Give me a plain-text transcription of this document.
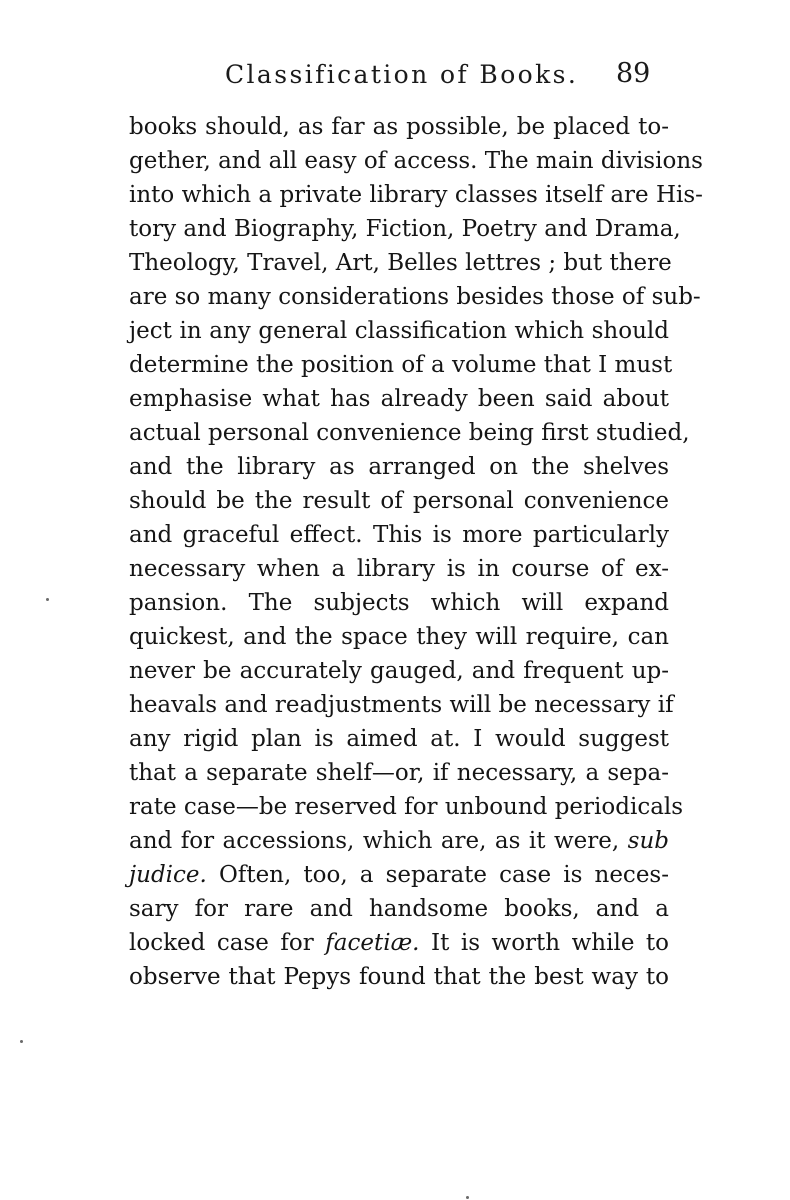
Classification of Books. 89
books should, as far as possible, be placed to-
gether, and all easy of access. The main divisions
into which a private library classes itself are His-
tory and Biography, Fiction, Poetry and Drama,
Theology, Travel, Art, Belles lettres ; but there
are so many considerations besides those of sub-
ject in any general classification which should
determine the position of a volume that I must
emphasise what has already been said about
actual personal convenience being first studied,
and the library as arranged on the shelves
should be the result of personal convenience
and graceful effect. This is more particularly
necessary when a library is in course of ex-
pansion. The subjects which will expand
quickest, and the space they will require, can
never be accurately gauged, and frequent up-
heavals and readjustments will be necessary if
any rigid plan is aimed at. I would suggest
that a separate shelf—or, if necessary, a sepa-
rate case—be reserved for unbound periodicals
and for accessions, which are, as it were, sub
judice. Often, too, a separate case is neces-
sary for rare and handsome books, and a
locked case for facetiæ. It is worth while to
observe that Pepys found that the best way to
